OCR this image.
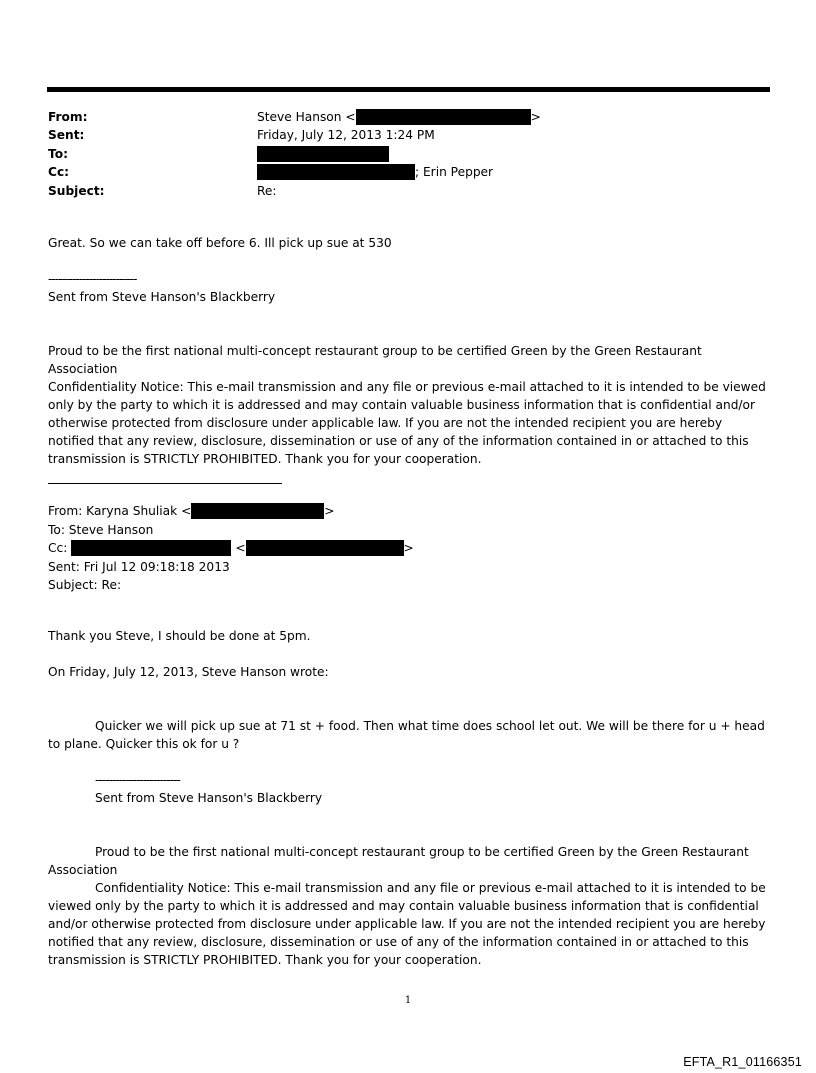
From:	Steve Hanson <	>
Sent:	Friday, July 12, 2013 1:24 PM
To:
Cc:	; Erin Pepper
Subject:	Re:
Great. So we can take off before 6. Ill pick up sue at 530
--------------------------
Sent from Steve Hanson's Blackberry

Proud to be the first national multi-concept restaurant group to be certified Green by the Green Restaurant Association

Confidentiality Notice: This e-mail transmission and any file or previous e-mail attached to it is intended to be viewed only by the party to which it is addressed and may contain valuable business information that is confidential and/or otherwise protected from disclosure under applicable law. If you are not the intended recipient you are hereby notified that any review, disclosure, dissemination or use of any of the information contained in or attached to this transmission is STRICTLY PROHIBITED. Thank you for your cooperation.

From: Karyna Shuliak <	>
To: Steve Hanson
Cc:	<	>
Sent: Fri Jul 12 09:18:18 2013
Subject: Re:
Thank you Steve, I should be done at 5pm.
On Friday, July 12, 2013, Steve Hanson wrote:
Quicker we will pick up sue at 71 st + food. Then what time does school let out. We will be there for u + head to plane. Quicker this ok for u ?
-------------------------
Sent from Steve Hanson's Blackberry

Proud to be the first national multi-concept restaurant group to be certified Green by the Green Restaurant Association

Confidentiality Notice: This e-mail transmission and any file or previous e-mail attached to it is intended to be viewed only by the party to which it is addressed and may contain valuable business information that is confidential and/or otherwise protected from disclosure under applicable law. If you are not the intended recipient you are hereby notified that any review, disclosure, dissemination or use of any of the information contained in or attached to this transmission is STRICTLY PROHIBITED. Thank you for your cooperation.

1
EFTA_R1_01166351
